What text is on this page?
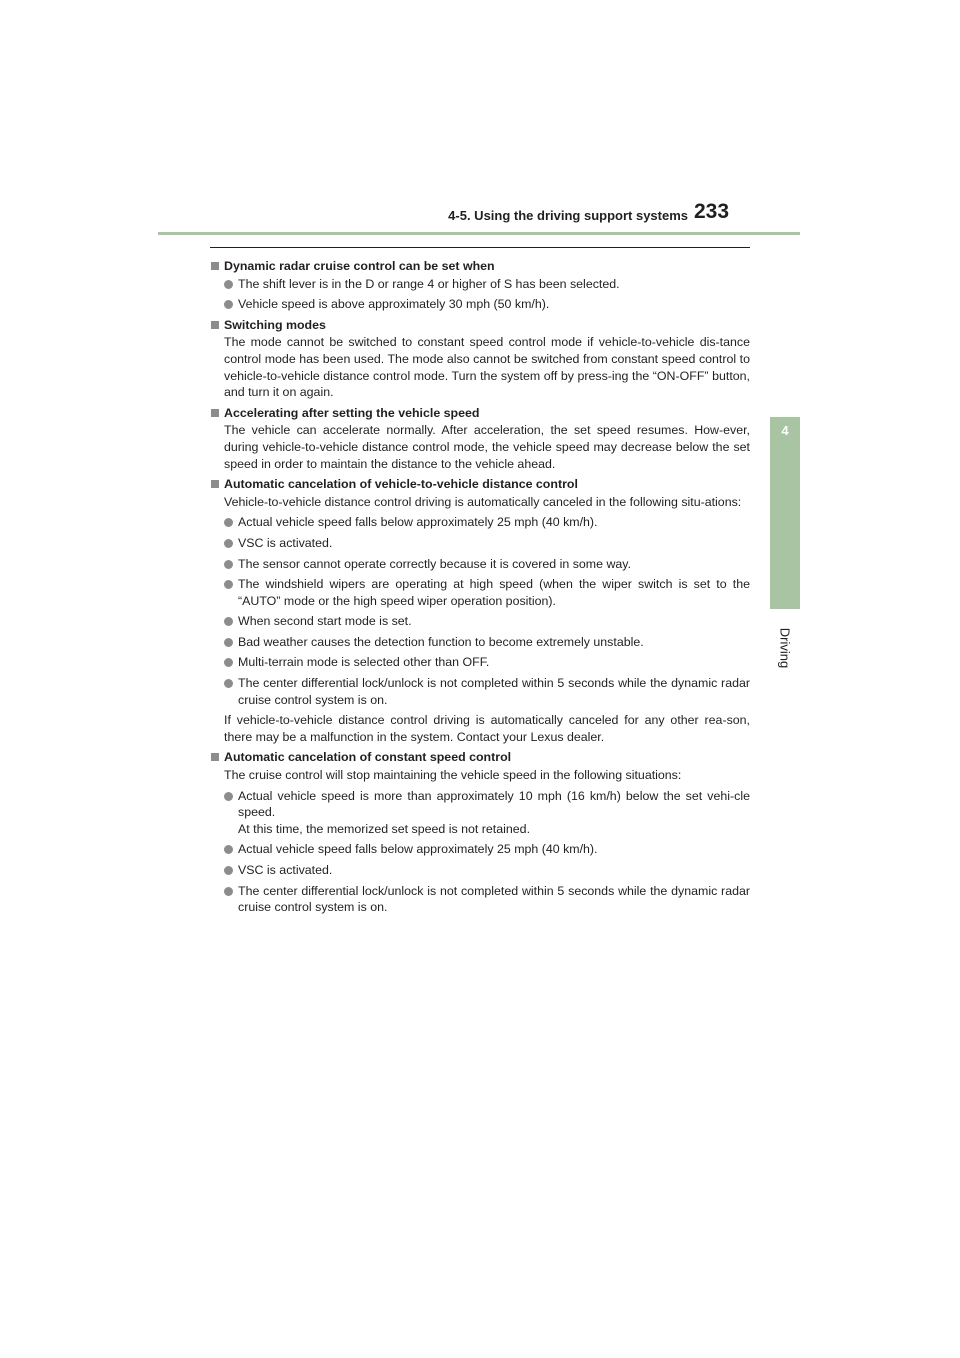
4-5. Using the driving support systems 233
4
Driving
Dynamic radar cruise control can be set when
The shift lever is in the D or range 4 or higher of S has been selected.
Vehicle speed is above approximately 30 mph (50 km/h).
Switching modes
The mode cannot be switched to constant speed control mode if vehicle-to-vehicle dis-tance control mode has been used. The mode also cannot be switched from constant speed control to vehicle-to-vehicle distance control mode. Turn the system off by press-ing the “ON-OFF” button, and turn it on again.
Accelerating after setting the vehicle speed
The vehicle can accelerate normally. After acceleration, the set speed resumes. How-ever, during vehicle-to-vehicle distance control mode, the vehicle speed may decrease below the set speed in order to maintain the distance to the vehicle ahead.
Automatic cancelation of vehicle-to-vehicle distance control
Vehicle-to-vehicle distance control driving is automatically canceled in the following situ-ations:
Actual vehicle speed falls below approximately 25 mph (40 km/h).
VSC is activated.
The sensor cannot operate correctly because it is covered in some way.
The windshield wipers are operating at high speed (when the wiper switch is set to the “AUTO” mode or the high speed wiper operation position).
When second start mode is set.
Bad weather causes the detection function to become extremely unstable.
Multi-terrain mode is selected other than OFF.
The center differential lock/unlock is not completed within 5 seconds while the dynamic radar cruise control system is on.
If vehicle-to-vehicle distance control driving is automatically canceled for any other rea-son, there may be a malfunction in the system. Contact your Lexus dealer.
Automatic cancelation of constant speed control
The cruise control will stop maintaining the vehicle speed in the following situations:
Actual vehicle speed is more than approximately 10 mph (16 km/h) below the set vehi-cle speed.
At this time, the memorized set speed is not retained.
Actual vehicle speed falls below approximately 25 mph (40 km/h).
VSC is activated.
The center differential lock/unlock is not completed within 5 seconds while the dynamic radar cruise control system is on.
